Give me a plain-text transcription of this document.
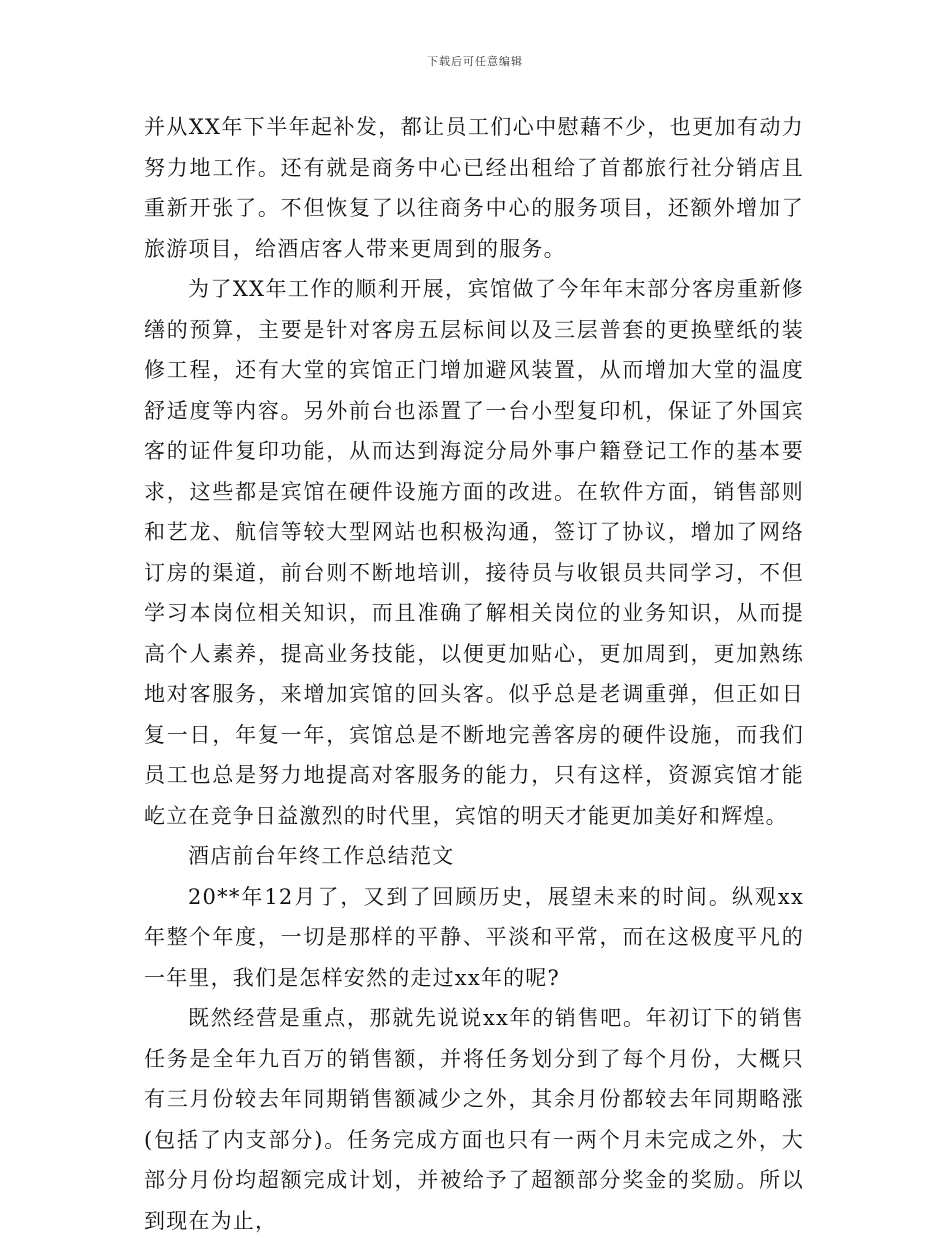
下载后可任意编辑

并从XX年下半年起补发，都让员工们心中慰藉不少，也更加有动力努力地工作。还有就是商务中心已经出租给了首都旅行社分销店且重新开张了。不但恢复了以往商务中心的服务项目，还额外增加了旅游项目，给酒店客人带来更周到的服务。

为了XX年工作的顺利开展，宾馆做了今年年末部分客房重新修缮的预算，主要是针对客房五层标间以及三层普套的更换壁纸的装修工程，还有大堂的宾馆正门增加避风装置，从而增加大堂的温度舒适度等内容。另外前台也添置了一台小型复印机，保证了外国宾客的证件复印功能，从而达到海淀分局外事户籍登记工作的基本要求，这些都是宾馆在硬件设施方面的改进。在软件方面，销售部则和艺龙、航信等较大型网站也积极沟通，签订了协议，增加了网络订房的渠道，前台则不断地培训，接待员与收银员共同学习，不但学习本岗位相关知识，而且准确了解相关岗位的业务知识，从而提高个人素养，提高业务技能，以便更加贴心，更加周到，更加熟练地对客服务，来增加宾馆的回头客。似乎总是老调重弹，但正如日复一日，年复一年，宾馆总是不断地完善客房的硬件设施，而我们员工也总是努力地提高对客服务的能力，只有这样，资源宾馆才能屹立在竞争日益激烈的时代里，宾馆的明天才能更加美好和辉煌。

酒店前台年终工作总结范文

20**年12月了，又到了回顾历史，展望未来的时间。纵观xx年整个年度，一切是那样的平静、平淡和平常，而在这极度平凡的一年里，我们是怎样安然的走过xx年的呢?

既然经营是重点，那就先说说xx年的销售吧。年初订下的销售任务是全年九百万的销售额，并将任务划分到了每个月份，大概只有三月份较去年同期销售额减少之外，其余月份都较去年同期略涨(包括了内支部分)。任务完成方面也只有一两个月未完成之外，大部分月份均超额完成计划，并被给予了超额部分奖金的奖励。所以到现在为止，
